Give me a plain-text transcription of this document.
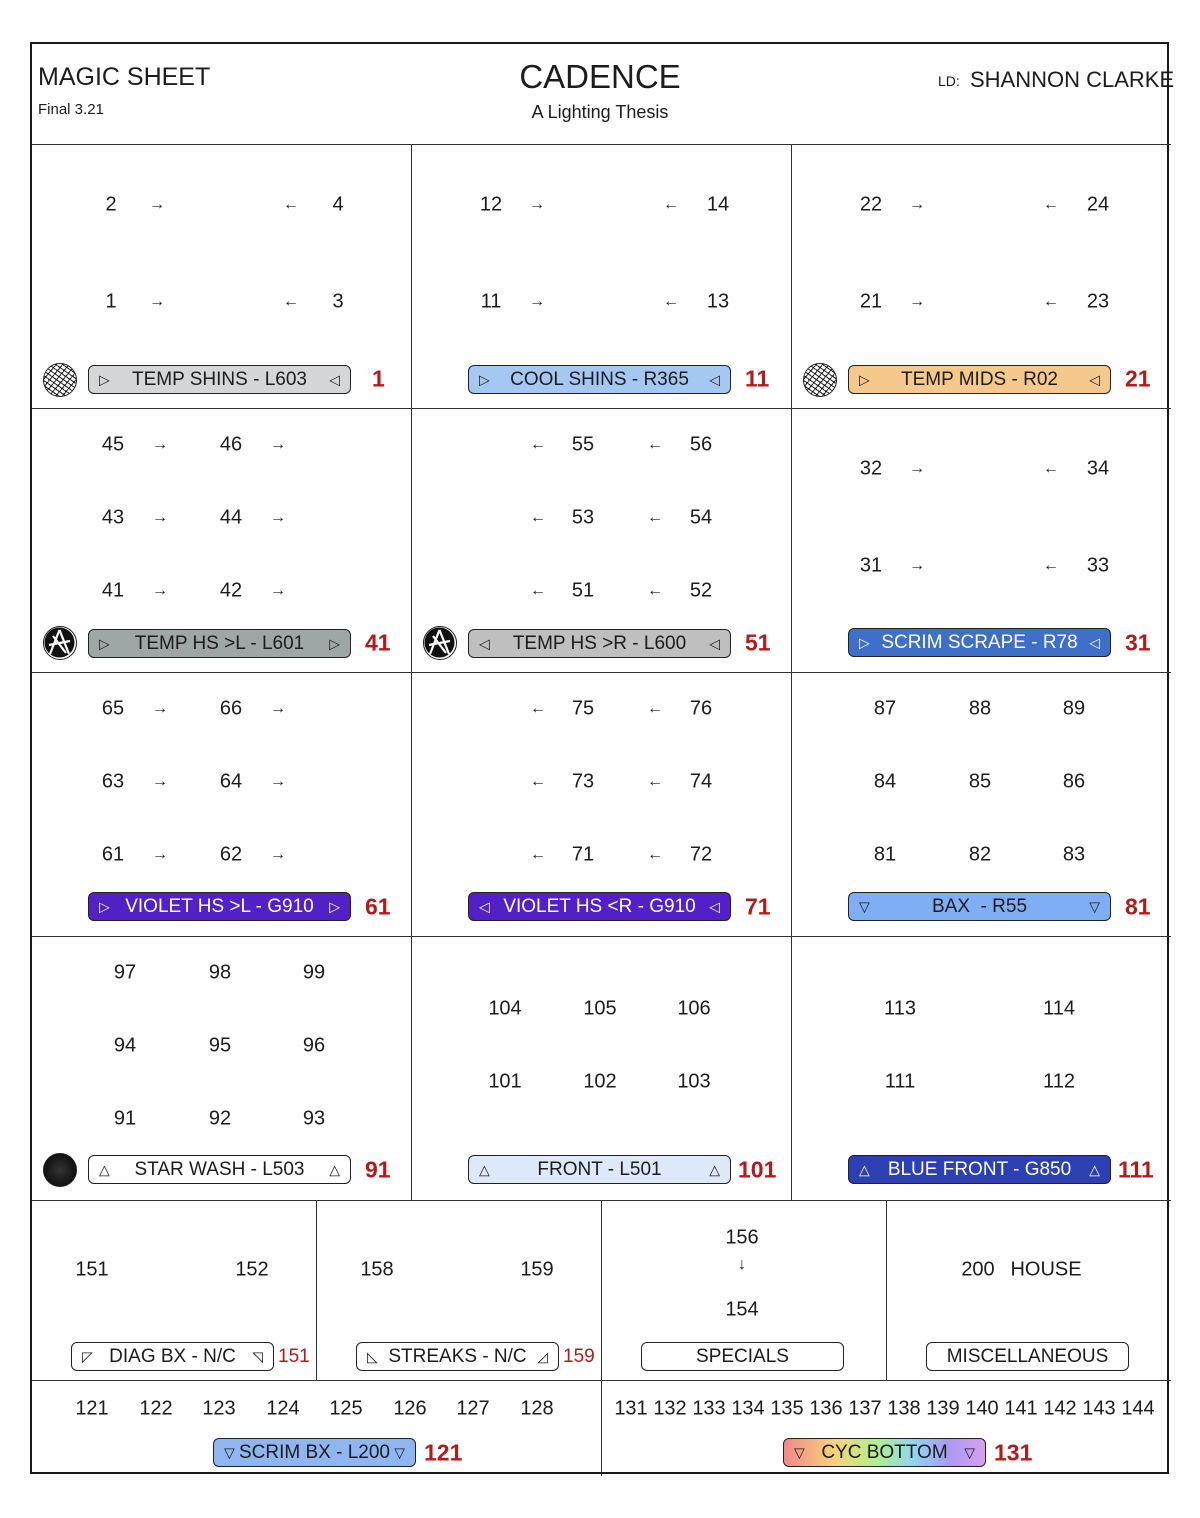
MAGIC SHEET
Final 3.21
CADENCE
A Lighting Thesis
LD: SHANNON CLARKE
2 →	← 4
1 →	← 3
▷ TEMP SHINS - L603 ◁ 1
12 →	← 14
11 →	← 13
▷ COOL SHINS - R365 ◁ 11
22 →	← 24
21 →	← 23
▷ TEMP MIDS - R02 ◁ 21
45 →	46 →
43 →	44 →
41 →	42 →
▷ TEMP HS >L - L601 ▷ 41
← 55	← 56
← 53	← 54
← 51	← 52
◁ TEMP HS >R - L600 ◁ 51
32 →	← 34
31 →	← 33
▷ SCRIM SCRAPE - R78 ◁ 31
65 →	66 →
63 →	64 →
61 →	62 →
▷ VIOLET HS >L - G910 ▷ 61
← 75	← 76
← 73	← 74
← 71	← 72
◁ VIOLET HS <R - G910 ◁ 71
87	88	89
84	85	86
81	82	83
▽	BAX  - R55	▽ 81
97	98	99
94	95	96
91	92	93
△ STAR WASH - L503 △ 91
104	105	106
101	102	103
△	FRONT - L501	△ 101
113	114
111	112
△ BLUE FRONT - G850 △ 111
151	152
◸ DIAG BX - N/C ◹ 151
158	159
◺ STREAKS - N/C ◿ 159
156
↓
154
SPECIALS
200 HOUSE
MISCELLANEOUS
121 122 123 124 125 126 127 128
▽ SCRIM BX - L200 ▽ 121
131 132 133 134 135 136 137 138 139 140 141 142 143 144
▽ CYC BOTTOM ▽ 131
